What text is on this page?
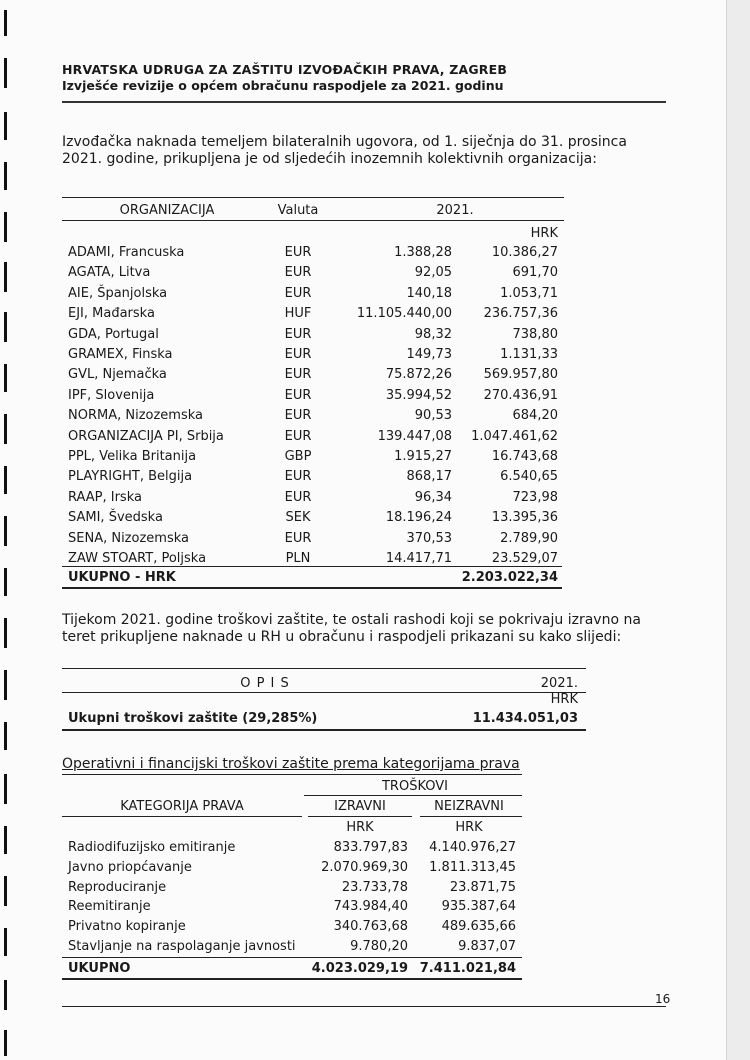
HRVATSKA UDRUGA ZA ZAŠTITU IZVOĐAČKIH PRAVA, ZAGREB
Izvješće revizije o općem obračunu raspodjele za 2021. godinu
Izvođačka naknada temeljem bilateralnih ugovora, od 1. siječnja do 31. prosinca 2021. godine, prikupljena je od sljedećih inozemnih kolektivnih organizacija:
ORGANIZACIJA	Valuta	2021.
HRK
ADAMI, Francuska	EUR	1.388,28	10.386,27
AGATA, Litva	EUR	92,05	691,70
AIE, Španjolska	EUR	140,18	1.053,71
EJI, Mađarska	HUF	11.105.440,00	236.757,36
GDA, Portugal	EUR	98,32	738,80
GRAMEX, Finska	EUR	149,73	1.131,33
GVL, Njemačka	EUR	75.872,26	569.957,80
IPF, Slovenija	EUR	35.994,52	270.436,91
NORMA, Nizozemska	EUR	90,53	684,20
ORGANIZACIJA PI, Srbija	EUR	139.447,08	1.047.461,62
PPL, Velika Britanija	GBP	1.915,27	16.743,68
PLAYRIGHT, Belgija	EUR	868,17	6.540,65
RAAP, Irska	EUR	96,34	723,98
SAMI, Švedska	SEK	18.196,24	13.395,36
SENA, Nizozemska	EUR	370,53	2.789,90
ZAW STOART, Poljska	PLN	14.417,71	23.529,07
UKUPNO - HRK	2.203.022,34
Tijekom 2021. godine troškovi zaštite, te ostali rashodi koji se pokrivaju izravno na teret prikupljene naknade u RH u obračunu i raspodjeli prikazani su kako slijedi:
O P I S	2021.
HRK
Ukupni troškovi zaštite (29,285%)	11.434.051,03
Operativni i financijski troškovi zaštite prema kategorijama prava
TROŠKOVI
KATEGORIJA PRAVA	IZRAVNI	NEIZRAVNI
HRK	HRK
Radiodifuzijsko emitiranje	833.797,83	4.140.976,27
Javno priopćavanje	2.070.969,30	1.811.313,45
Reproduciranje	23.733,78	23.871,75
Reemitiranje	743.984,40	935.387,64
Privatno kopiranje	340.763,68	489.635,66
Stavljanje na raspolaganje javnosti	9.780,20	9.837,07
UKUPNO	4.023.029,19 7.411.021,84
16
